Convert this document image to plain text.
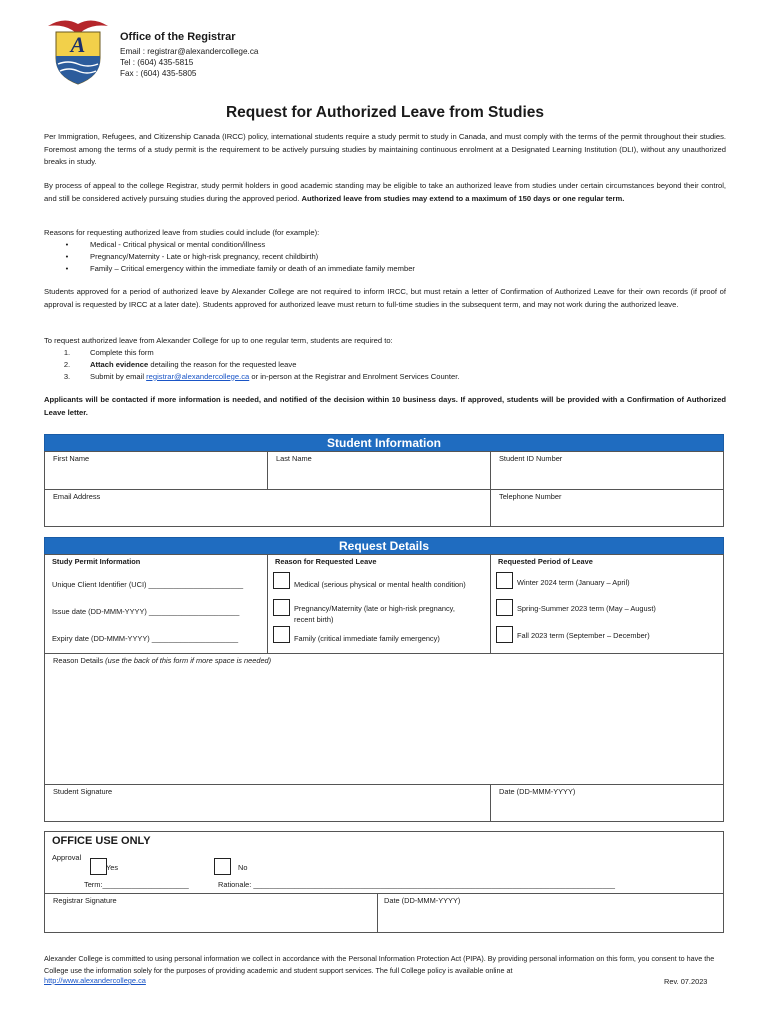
A	Office of the Registrar
Email : registrar@alexandercollege.ca
Tel : (604) 435-5815
Fax : (604) 435-5805
Request for Authorized Leave from Studies
Per Immigration, Refugees, and Citizenship Canada (IRCC) policy, international students require a study permit to study in Canada, and must comply with the terms of the permit throughout their studies. Foremost among the terms of a study permit is the requirement to be actively pursuing studies by maintaining continuous enrolment at a Designated Learning Institution (DLI), without any unauthorized breaks in study.
By process of appeal to the college Registrar, study permit holders in good academic standing may be eligible to take an authorized leave from studies under certain circumstances beyond their control, and still be considered actively pursuing studies during the approved period. Authorized leave from studies may extend to a maximum of 150 days or one regular term.
Reasons for requesting authorized leave from studies could include (for example):
•	Medical - Critical physical or mental condition/illness
•	Pregnancy/Maternity - Late or high-risk pregnancy, recent childbirth)
•	Family – Critical emergency within the immediate family or death of an immediate family member
Students approved for a period of authorized leave by Alexander College are not required to inform IRCC, but must retain a letter of Confirmation of Authorized Leave for their own records (if proof of approval is requested by IRCC at a later date). Students approved for authorized leave must return to full-time studies in the subsequent term, and may not work during the authorized leave.
To request authorized leave from Alexander College for up to one regular term, students are required to:
1.	Complete this form
2.	Attach evidence detailing the reason for the requested leave
3.	Submit by email registrar@alexandercollege.ca or in-person at the Registrar and Enrolment Services Counter.
Applicants will be contacted if more information is needed, and notified of the decision within 10 business days. If approved, students will be provided with a Confirmation of Authorized Leave letter.
Student Information
First Name	Last Name	Student ID Number
Email Address	Telephone Number
Request Details
Study Permit Information	Reason for Requested Leave	Requested Period of Leave
Unique Client Identifier (UCI) _______________________
Issue date (DD-MMM-YYYY) ______________________
Expiry date (DD-MMM-YYYY) _____________________
Medical (serious physical or mental health condition)
Pregnancy/Maternity (late or high-risk pregnancy,
recent birth)
Family (critical immediate family emergency)
Winter 2024 term (January – April)
Spring-Summer 2023 term (May – August)
Fall 2023 term (September – December)
Reason Details (use the back of this form if more space is needed)
Student Signature	Date (DD-MMM-YYYY)
OFFICE USE ONLY
Approval
Yes	No
Term:_____________________	Rationale: ________________________________________________________________________________________
Registrar Signature	Date (DD-MMM-YYYY)
Alexander College is committed to using personal information we collect in accordance with the Personal Information Protection Act (PIPA). By providing personal information on this form, you consent to have the College use the information solely for the purposes of providing academic and student support services. The full College policy is available online at
http://www.alexandercollege.ca	Rev. 07.2023
